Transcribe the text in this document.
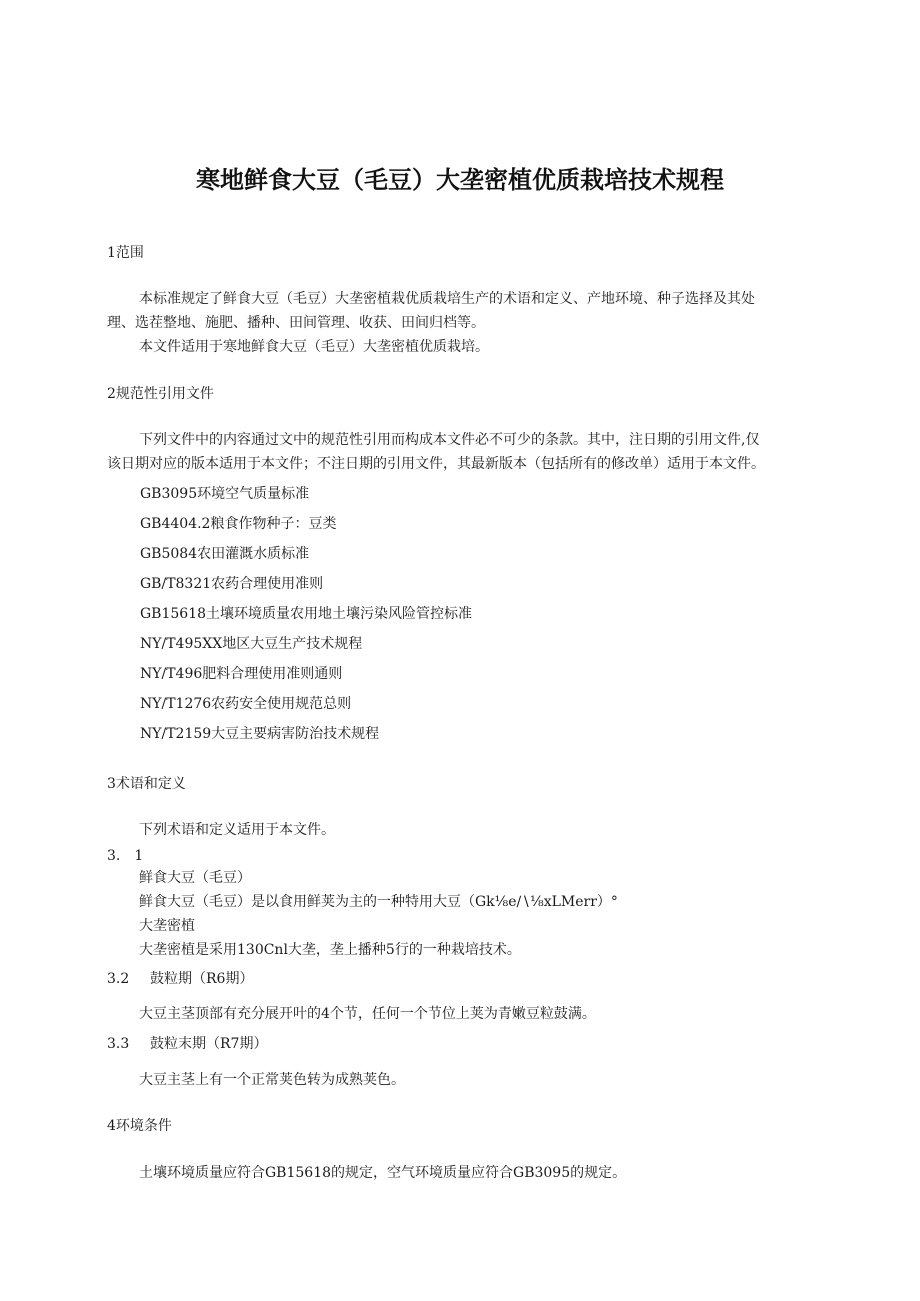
寒地鲜食大豆（毛豆）大垄密植优质栽培技术规程
1范围
本标准规定了鲜食大豆（毛豆）大垄密植栽优质栽培生产的术语和定义、产地环境、种子选择及其处
理、选茬整地、施肥、播种、田间管理、收获、田间归档等。
本文件适用于寒地鲜食大豆（毛豆）大垄密植优质栽培。
2规范性引用文件
下列文件中的内容通过文中的规范性引用而构成本文件必不可少的条款。其中，注日期的引用文件,仅
该日期对应的版本适用于本文件；不注日期的引用文件，其最新版本（包括所有的修改单）适用于本文件。
GB3095环境空气质量标准
GB4404.2粮食作物种子：豆类
GB5084农田灌溉水质标准
GB/T8321农药合理使用准则
GB15618土壤环境质量农用地土壤污染风险管控标准
NY/T495XX地区大豆生产技术规程
NY/T496肥料合理使用准则通则
NY/T1276农药安全使用规范总则
NY/T2159大豆主要病害防治技术规程
3术语和定义
下列术语和定义适用于本文件。
3.　1
鲜食大豆（毛豆）
鲜食大豆（毛豆）是以食用鲜荚为主的一种特用大豆（Gk⅛e∕∖⅛xLMerr）°
大垄密植
大垄密植是采用130Cnl大垄，垄上播种5行的一种栽培技术。
3.2 鼓粒期（R6期）
大豆主茎顶部有充分展开叶的4个节，任何一个节位上荚为青嫩豆粒鼓满。
3.3 鼓粒末期（R7期）
大豆主茎上有一个正常荚色转为成熟荚色。
4环境条件
土壤环境质量应符合GB15618的规定，空气环境质量应符合GB3095的规定。
